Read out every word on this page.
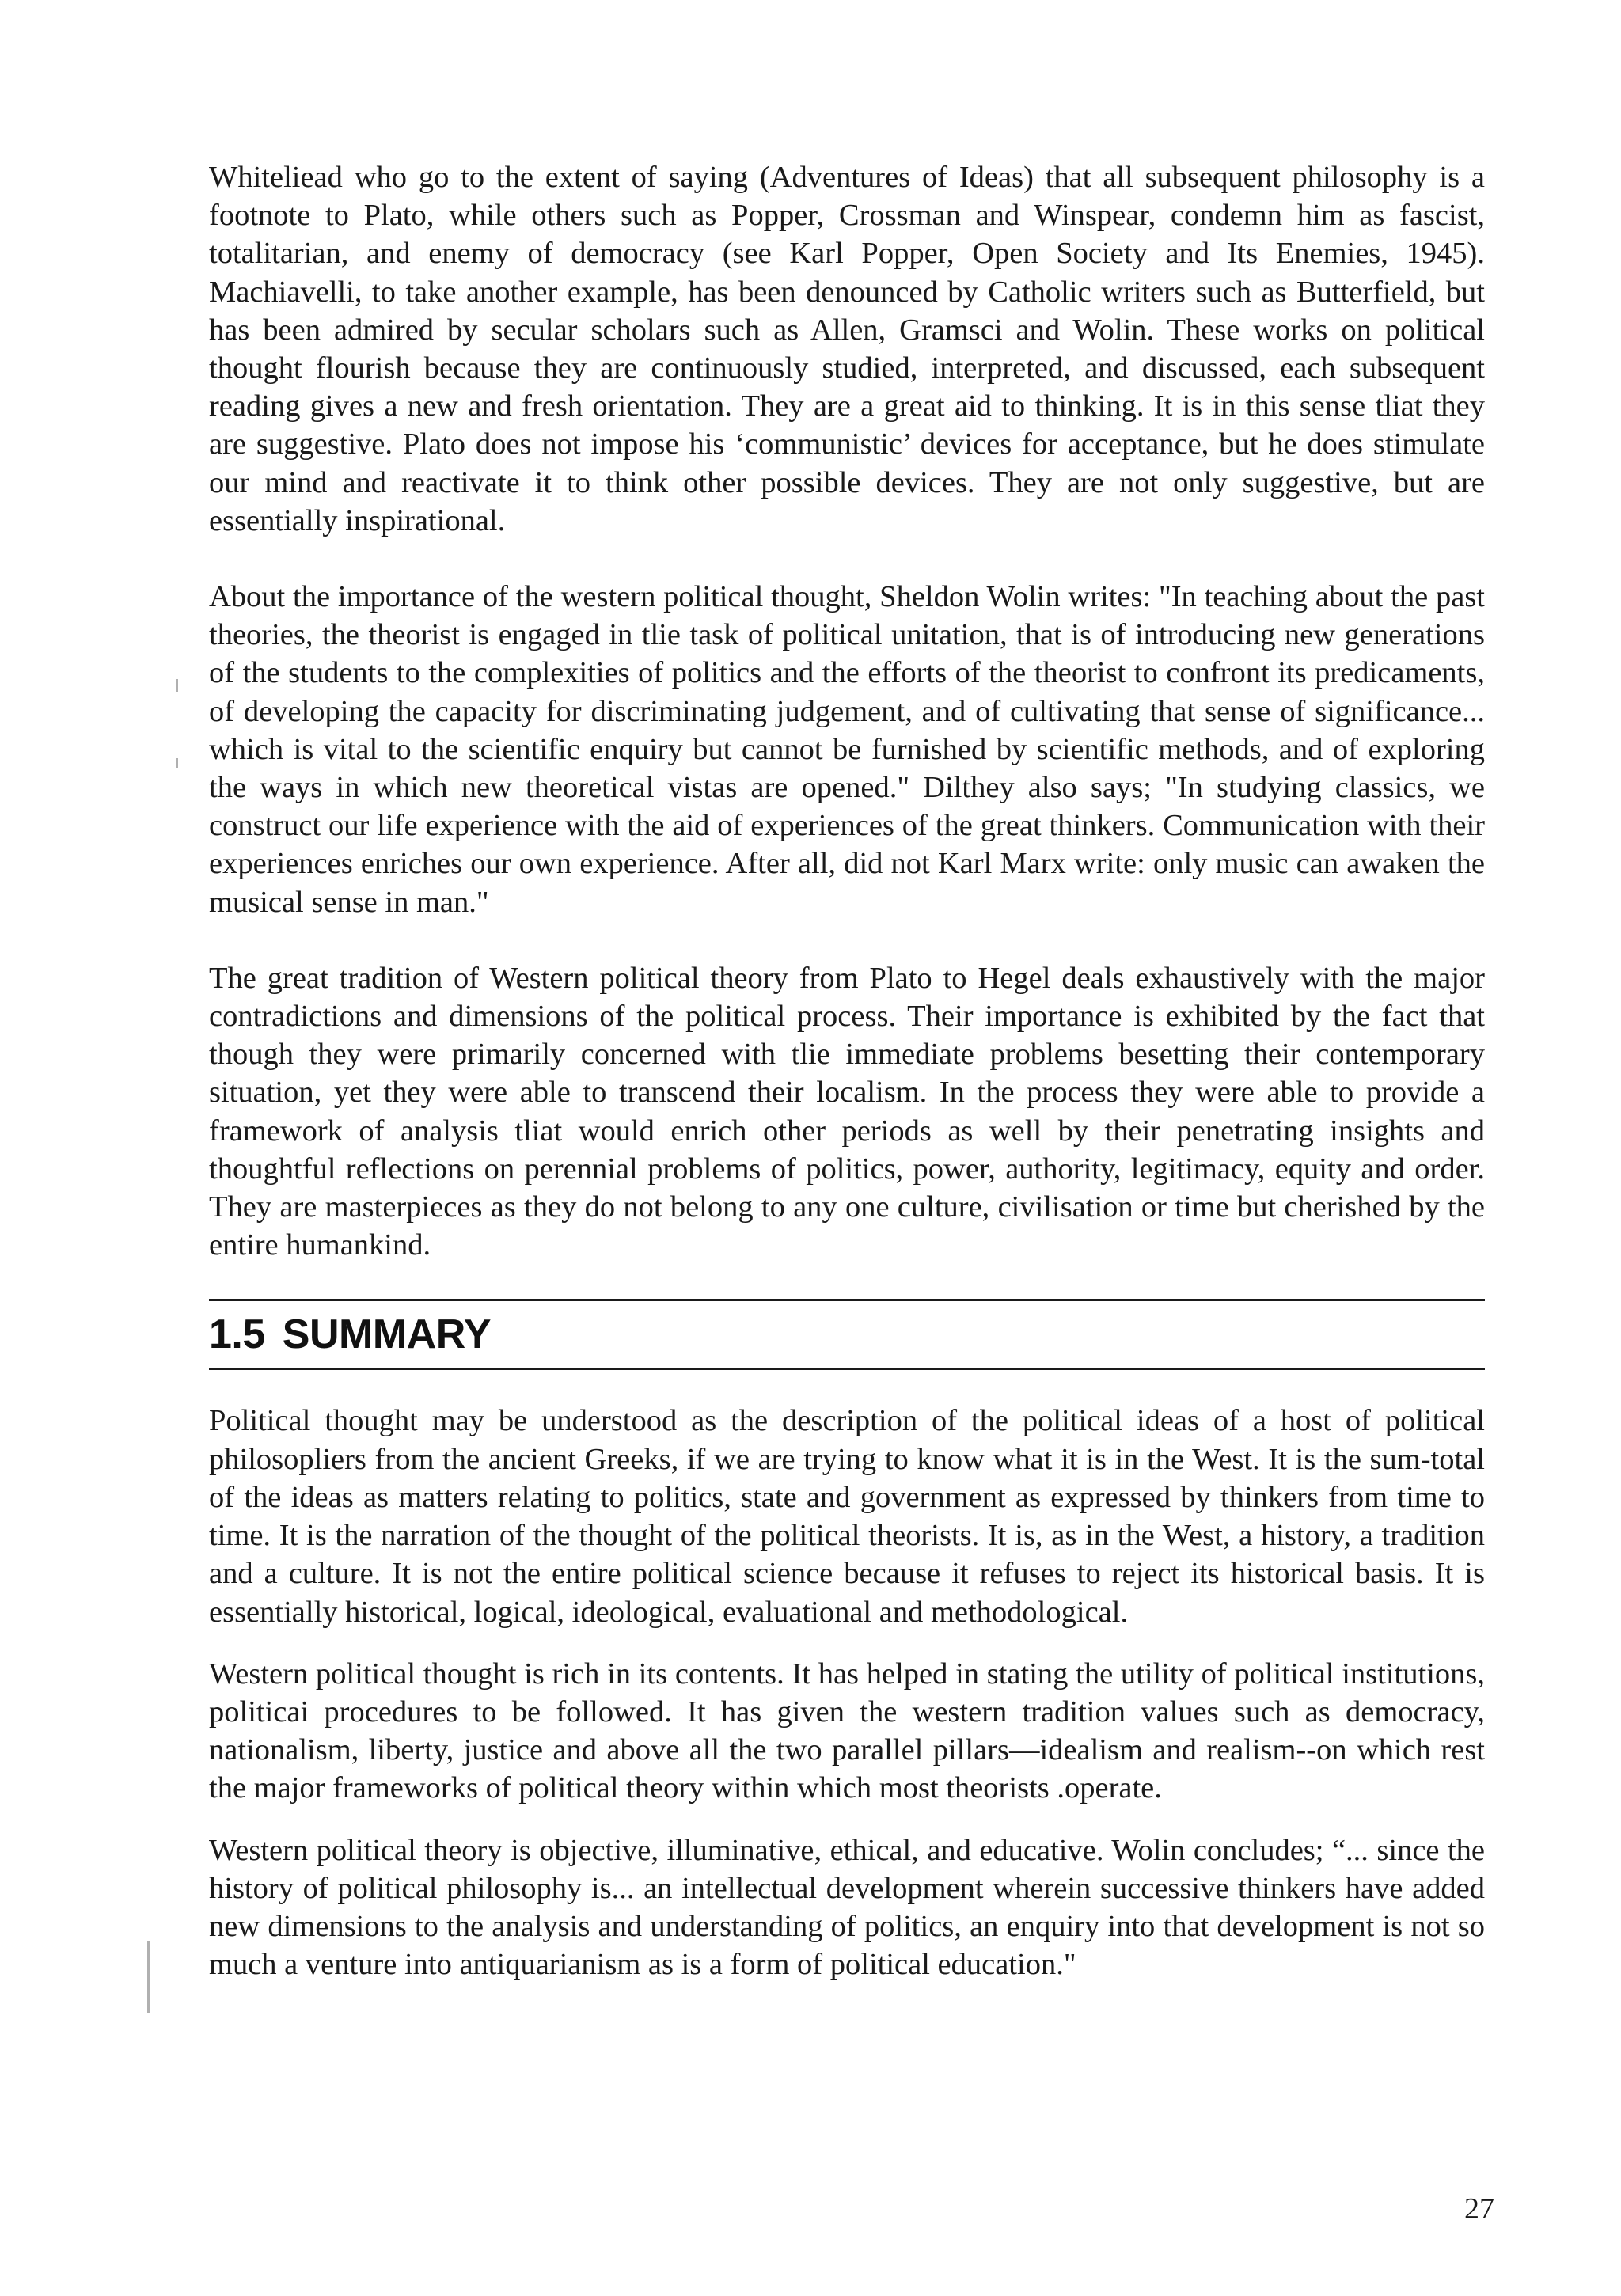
Whiteliead who go to the extent of saying (Adventures of Ideas) that all subsequent philosophy is a footnote to Plato, while others such as Popper, Crossman and Winspear, condemn him as fascist, totalitarian, and enemy of democracy (see Karl Popper, Open Society and Its Enemies, 1945). Machiavelli, to take another example, has been denounced by Catholic writers such as Butterfield, but has been admired by secular scholars such as Allen, Gramsci and Wolin. These works on political thought flourish because they are continuously studied, interpreted, and discussed, each subsequent reading gives a new and fresh orientation. They are a great aid to thinking. It is in this sense tliat they are suggestive. Plato does not impose his ‘communistic’ devices for acceptance, but he does stimulate our mind and reactivate it to think other possible devices. They are not only suggestive, but are essentially inspirational.

About the importance of the western political thought, Sheldon Wolin writes: "In teaching about the past theories, the theorist is engaged in tlie task of political unitation, that is of introducing new generations of the students to the complexities of politics and the efforts of the theorist to confront its predicaments, of developing the capacity for discriminating judgement, and of cultivating that sense of significance... which is vital to the scientific enquiry but cannot be furnished by scientific methods, and of exploring the ways in which new theoretical vistas are opened." Dilthey also says; "In studying classics, we construct our life experience with the aid of experiences of the great thinkers. Communication with their experiences enriches our own experience. After all, did not Karl Marx write: only music can awaken the musical sense in man."

The great tradition of Western political theory from Plato to Hegel deals exhaustively with the major contradictions and dimensions of the political process. Their importance is exhibited by the fact that though they were primarily concerned with tlie immediate problems besetting their contemporary situation, yet they were able to transcend their localism. In the process they were able to provide a framework of analysis tliat would enrich other periods as well by their penetrating insights and thoughtful reflections on perennial problems of politics, power, authority, legitimacy, equity and order. They are masterpieces as they do not belong to any one culture, civilisation or time but cherished by the entire humankind.

1.5 SUMMARY

Political thought may be understood as the description of the political ideas of a host of political philosopliers from the ancient Greeks, if we are trying to know what it is in the West. It is the sum-total of the ideas as matters relating to politics, state and government as expressed by thinkers from time to time. It is the narration of the thought of the political theorists. It is, as in the West, a history, a tradition and a culture. It is not the entire political science because it refuses to reject its historical basis. It is essentially historical, logical, ideological, evaluational and methodological.

Western political thought is rich in its contents. It has helped in stating the utility of political institutions, politicai procedures to be followed. It has given the western tradition values such as democracy, nationalism, liberty, justice and above all the two parallel pillars—idealism and realism--on which rest the major frameworks of political theory within which most theorists .operate.

Western political theory is objective, illuminative, ethical, and educative. Wolin concludes; “... since the history of political philosophy is... an intellectual development wherein successive thinkers have added new dimensions to the analysis and understanding of politics, an enquiry into that development is not so much a venture into antiquarianism as is a form of political education."

27
